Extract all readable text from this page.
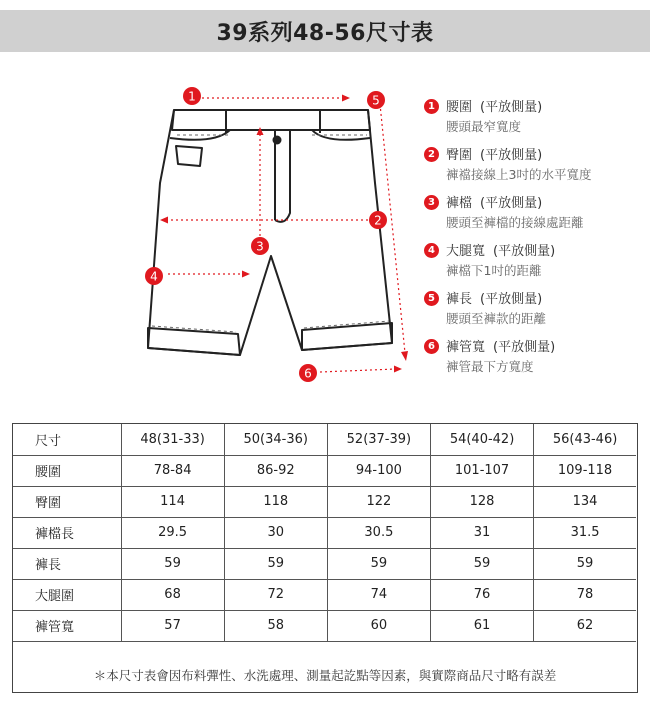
39系列48-56尺寸表
1	5
2
3
4
6
1 腰圍 (平放側量)
腰頭最窄寬度
2 臀圍 (平放側量)
褲襠接線上3吋的水平寬度
3 褲檔 (平放側量)
腰頭至褲檔的接線處距離
4 大腿寬 (平放側量)
褲檔下1吋的距離
5 褲長 (平放側量)
腰頭至褲款的距離
6 褲管寬 (平放側量)
褲管最下方寬度
尺寸	48(31-33)	50(34-36)	52(37-39)	54(40-42)	56(43-46)
腰圍	78-84	86-92	94-100	101-107	109-118
臀圍	114	118	122	128	134
褲檔長	29.5	30	30.5	31	31.5
褲長	59	59	59	59	59
大腿圍	68	72	74	76	78
褲管寬	57	58	60	61	62
＊本尺寸表會因布料彈性、水洗處理、測量起訖點等因素，與實際商品尺寸略有誤差
